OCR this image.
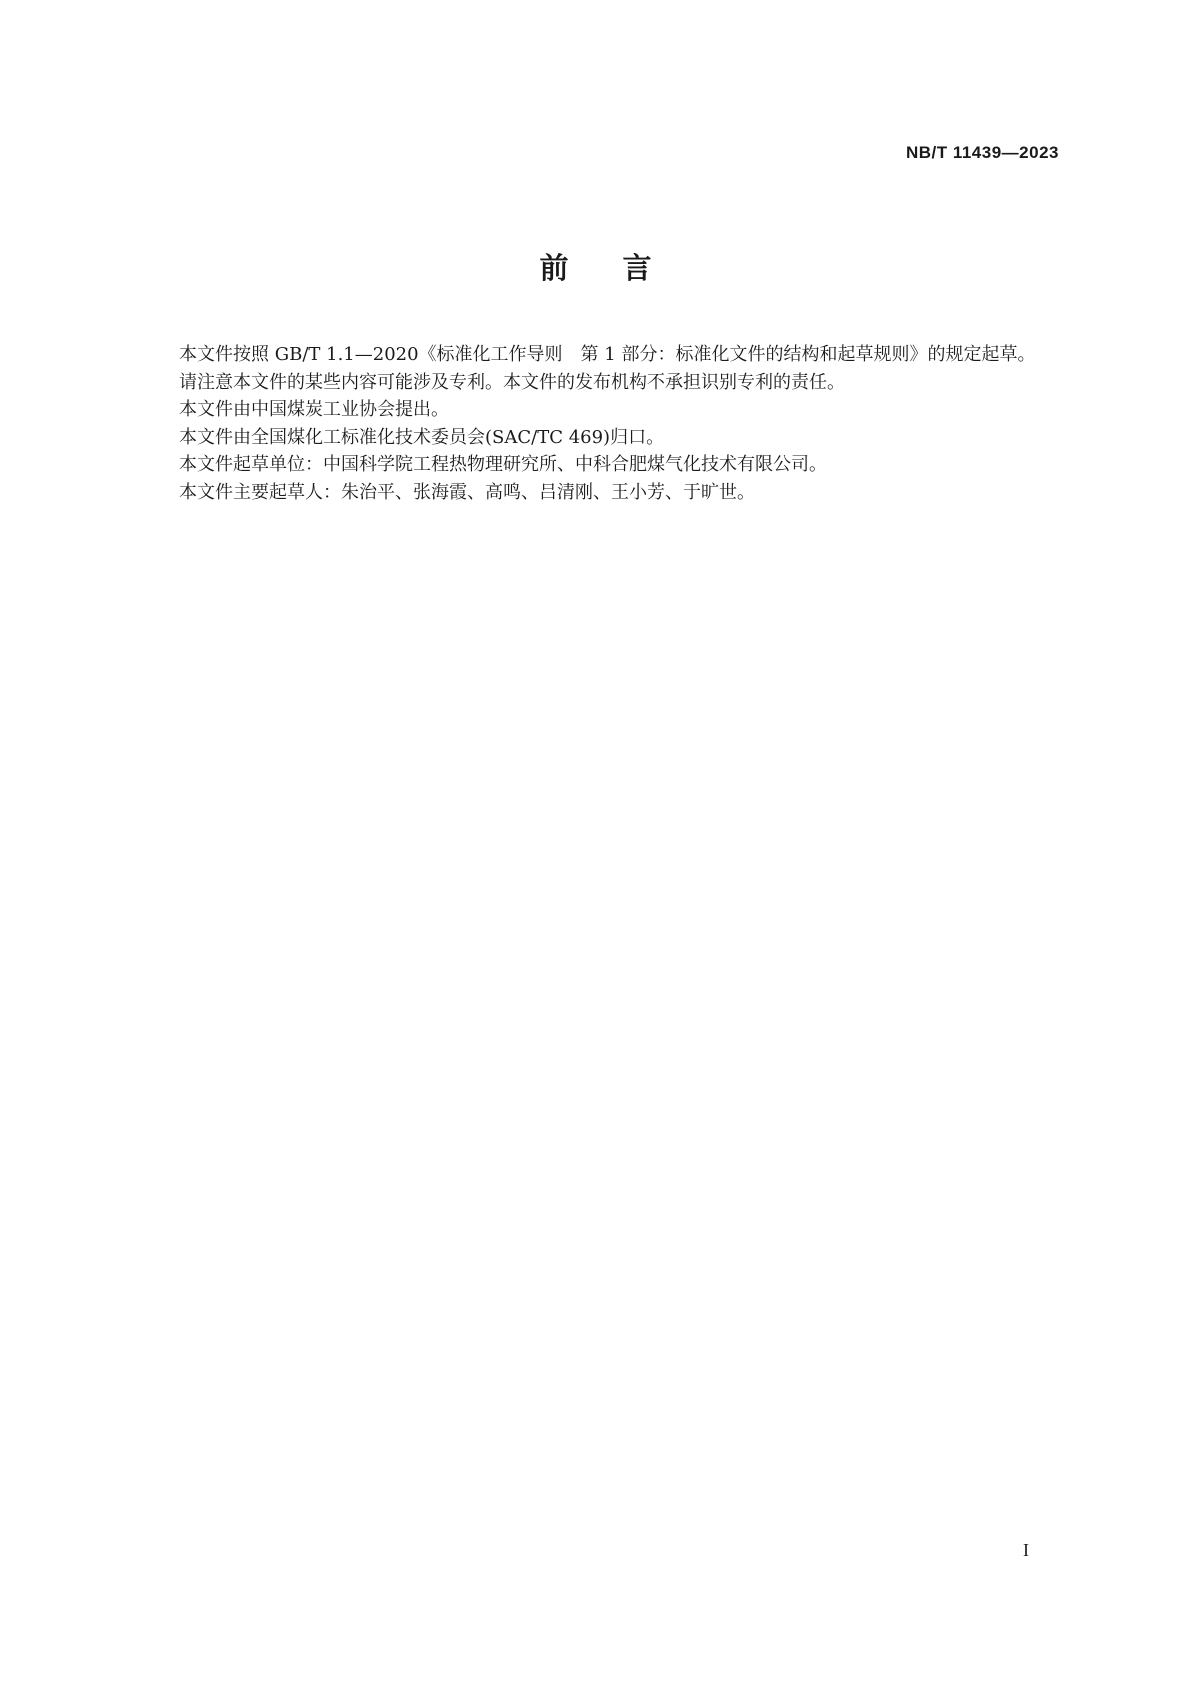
NB/T 11439—2023
前言

本文件按照 GB/T 1.1—2020《标准化工作导则　第 1 部分：标准化文件的结构和起草规则》的规定起草。

请注意本文件的某些内容可能涉及专利。本文件的发布机构不承担识别专利的责任。

本文件由中国煤炭工业协会提出。

本文件由全国煤化工标准化技术委员会(SAC/TC 469)归口。

本文件起草单位：中国科学院工程热物理研究所、中科合肥煤气化技术有限公司。

本文件主要起草人：朱治平、张海霞、高鸣、吕清刚、王小芳、于旷世。

I
